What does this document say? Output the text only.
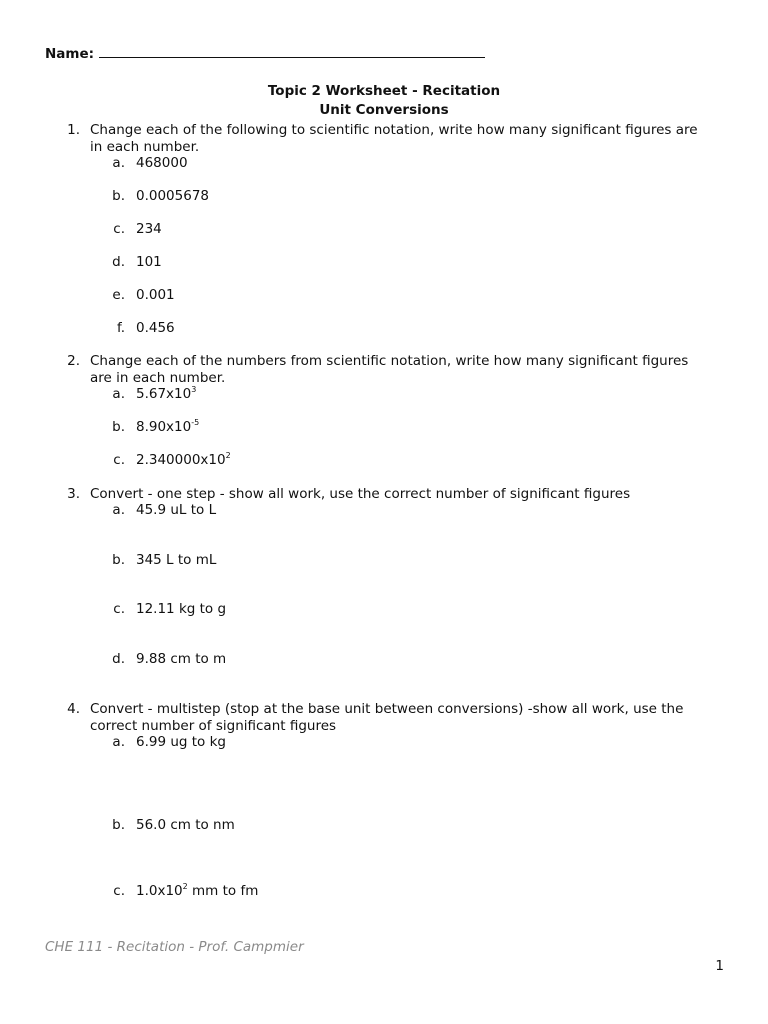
Name:
Topic 2 Worksheet - Recitation
Unit Conversions
1. Change each of the following to scientific notation, write how many significant figures are
in each number.
a. 468000
b. 0.0005678
c. 234
d. 101
e. 0.001
f. 0.456
2. Change each of the numbers from scientific notation, write how many significant figures
are in each number.
a. $5.67x10^3$
b. $8.90x10^{-5}$
c. $2.340000x10^2$
3. Convert - one step - show all work, use the correct number of significant figures
a. 45.9 uL to L
b. 345 L to mL
c. 12.11 kg to g
d. 9.88 cm to m
4. Convert - multistep (stop at the base unit between conversions) -show all work, use the
correct number of significant figures
a. 6.99 ug to kg
b. 56.0 cm to nm
c. $1.0x10^2$ mm to fm
CHE 111 - Recitation - Prof. Campmier
1
